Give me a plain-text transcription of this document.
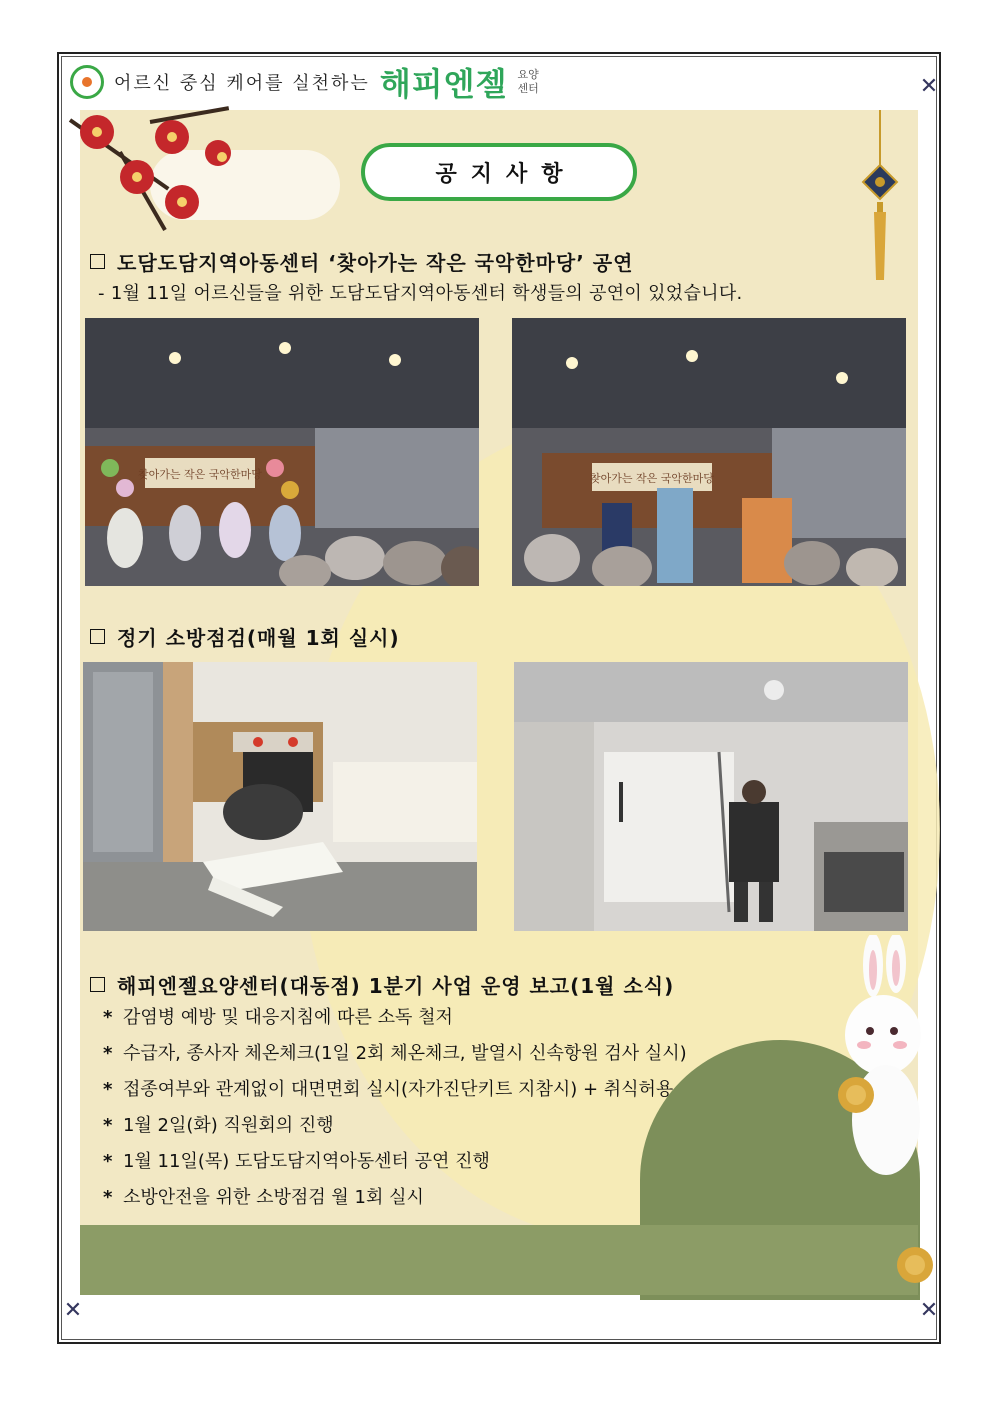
✕
✕	✕
어르신 중심 케어를 실천하는 해피엔젤 요양 센터
공지사항
도담도담지역아동센터 ‘찾아가는 작은 국악한마당’ 공연
- 1월 11일 어르신들을 위한 도담도담지역아동센터 학생들의 공연이 있었습니다.
찾아가는 작은 국악한마당	찾아가는 작은 국악한마당
정기 소방점검(매월 1회 실시)
해피엔젤요양센터(대동점) 1분기 사업 운영 보고(1월 소식)
* 감염병 예방 및 대응지침에 따른 소독 철저
* 수급자, 종사자 체온체크(1일 2회 체온체크, 발열시 신속항원 검사 실시)
* 접종여부와 관계없이 대면면회 실시(자가진단키트 지참시) + 취식허용
* 1월 2일(화) 직원회의 진행
* 1월 11일(목) 도담도담지역아동센터 공연 진행
* 소방안전을 위한 소방점검 월 1회 실시
